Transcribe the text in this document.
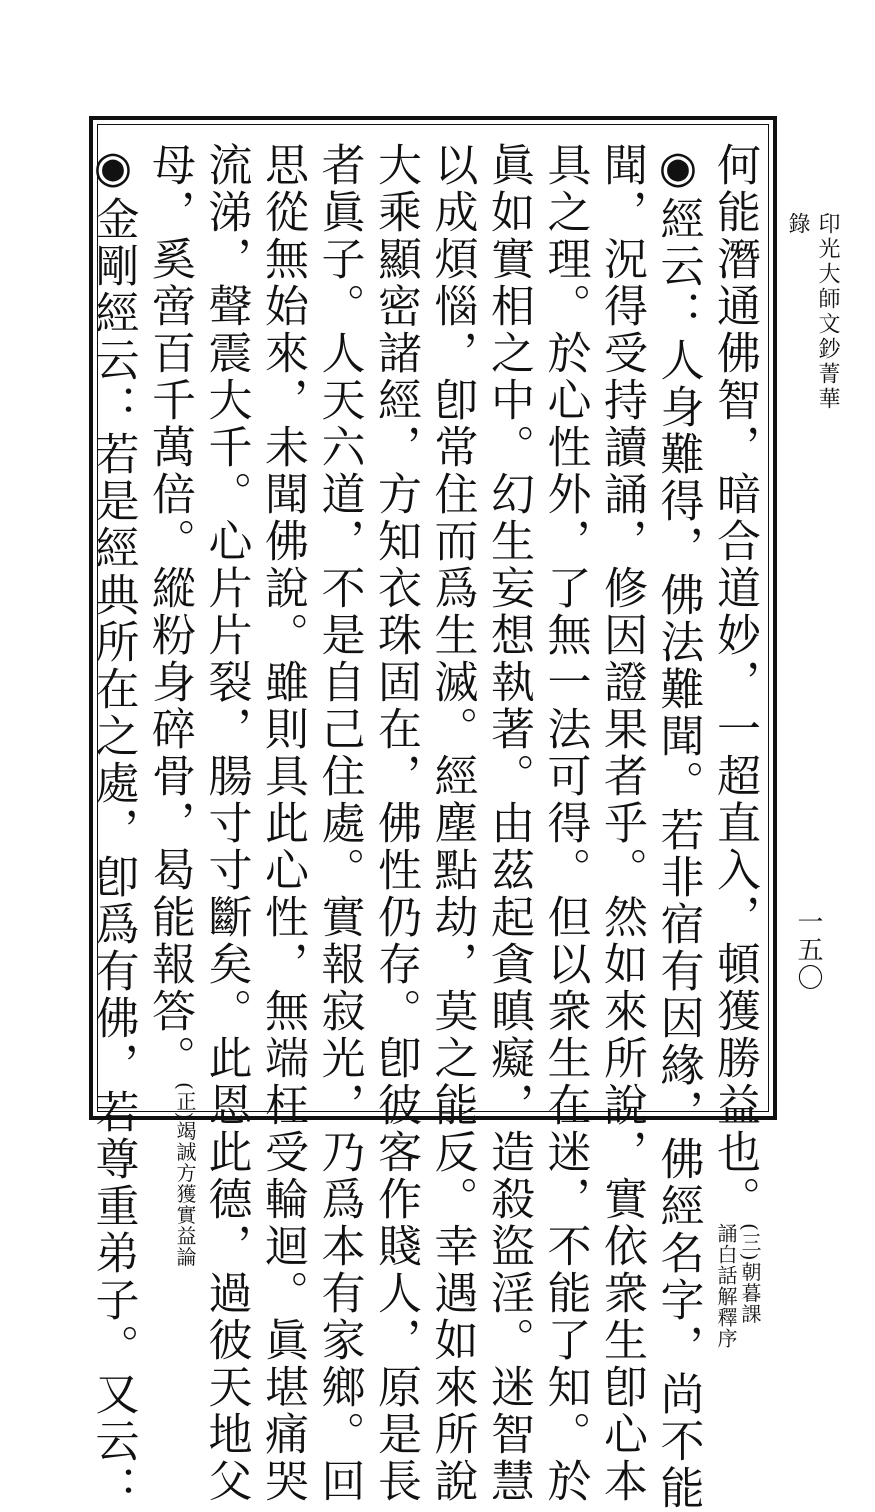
印光大師文鈔菁華錄
一五〇
何能潛通佛智，暗合道妙，一超直入，頓獲勝益也。(三)朝暮課
誦白話解釋序
◉經云：人身難得，佛法難聞。若非宿有因緣，佛經名字，尚不能
聞，況得受持讀誦，修因證果者乎。然如來所說，實依衆生卽心本
具之理。於心性外，了無一法可得。但以衆生在迷，不能了知。於
眞如實相之中。幻生妄想執著。由茲起貪瞋癡，造殺盜淫。迷智慧
以成煩惱，卽常住而爲生滅。經塵點劫，莫之能反。幸遇如來所說
大乘顯密諸經，方知衣珠固在，佛性仍存。卽彼客作賤人，原是長
者眞子。人天六道，不是自己住處。實報寂光，乃爲本有家鄉。回
思從無始來，未聞佛說。雖則具此心性，無端枉受輪迴。眞堪痛哭
流涕，聲震大千。心片片裂，腸寸寸斷矣。此恩此德，過彼天地父
母，奚啻百千萬倍。縱粉身碎骨，曷能報答。(正)竭誠方獲實益論
◉金剛經云：若是經典所在之處，卽爲有佛，若尊重弟子。又云：
